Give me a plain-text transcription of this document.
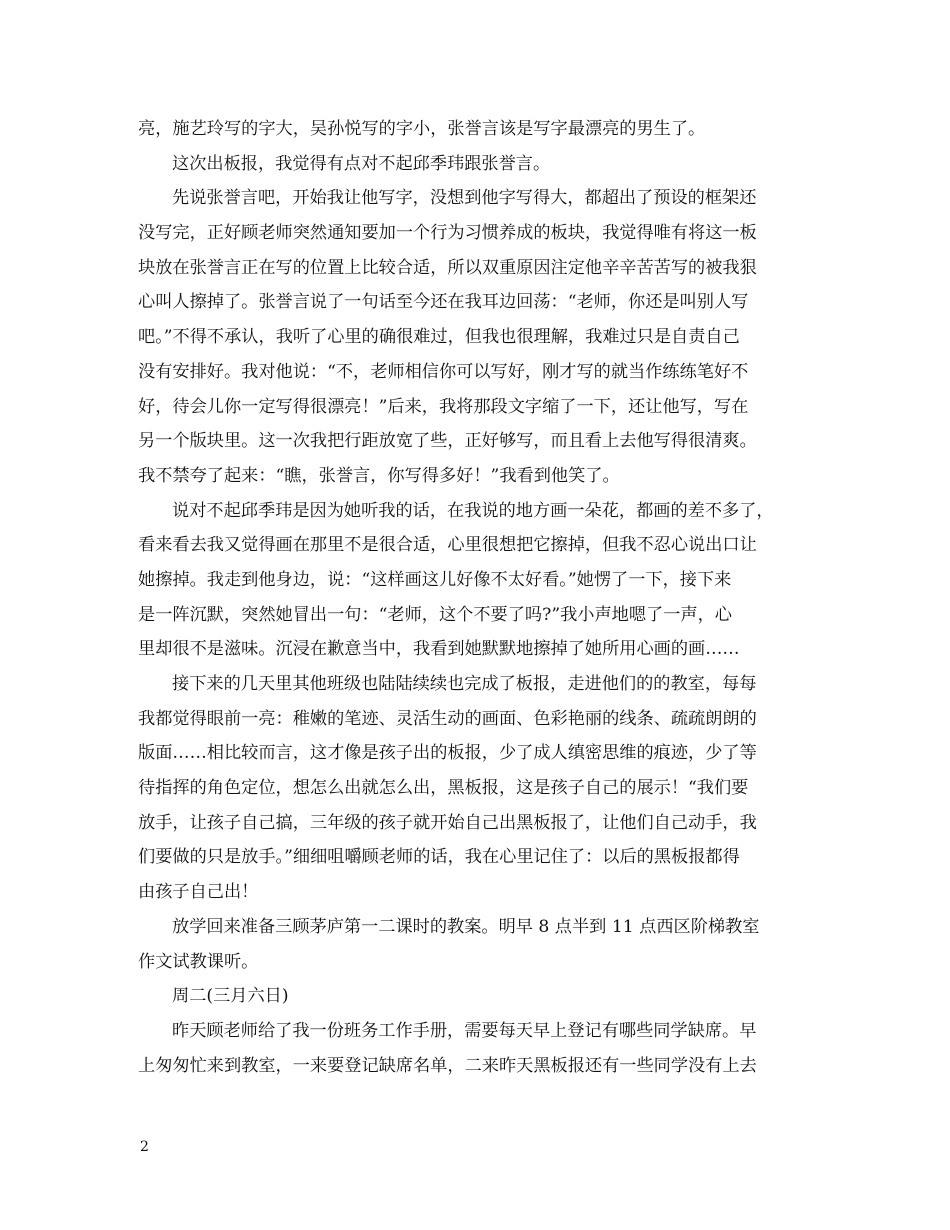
亮，施艺玲写的字大，吴孙悦写的字小，张誉言该是写字最漂亮的男生了。
这次出板报，我觉得有点对不起邱季玮跟张誉言。
先说张誉言吧，开始我让他写字，没想到他字写得大，都超出了预设的框架还
没写完，正好顾老师突然通知要加一个行为习惯养成的板块，我觉得唯有将这一板
块放在张誉言正在写的位置上比较合适，所以双重原因注定他辛辛苦苦写的被我狠
心叫人擦掉了。张誉言说了一句话至今还在我耳边回荡：“老师，你还是叫别人写
吧。”不得不承认，我听了心里的确很难过，但我也很理解，我难过只是自责自己
没有安排好。我对他说：“不，老师相信你可以写好，刚才写的就当作练练笔好不
好，待会儿你一定写得很漂亮！”后来，我将那段文字缩了一下，还让他写，写在
另一个版块里。这一次我把行距放宽了些，正好够写，而且看上去他写得很清爽。
我不禁夸了起来：“瞧，张誉言，你写得多好！”我看到他笑了。
说对不起邱季玮是因为她听我的话，在我说的地方画一朵花，都画的差不多了，
看来看去我又觉得画在那里不是很合适，心里很想把它擦掉，但我不忍心说出口让
她擦掉。我走到他身边，说：“这样画这儿好像不太好看。”她愣了一下，接下来
是一阵沉默，突然她冒出一句：“老师，这个不要了吗?”我小声地嗯了一声，心
里却很不是滋味。沉浸在歉意当中，我看到她默默地擦掉了她所用心画的画……
接下来的几天里其他班级也陆陆续续也完成了板报，走进他们的的教室，每每
我都觉得眼前一亮：稚嫩的笔迹、灵活生动的画面、色彩艳丽的线条、疏疏朗朗的
版面……相比较而言，这才像是孩子出的板报，少了成人缜密思维的痕迹，少了等
待指挥的角色定位，想怎么出就怎么出，黑板报，这是孩子自己的展示！“我们要
放手，让孩子自己搞，三年级的孩子就开始自己出黑板报了，让他们自己动手，我
们要做的只是放手。”细细咀嚼顾老师的话，我在心里记住了：以后的黑板报都得
由孩子自己出！
放学回来准备三顾茅庐第一二课时的教案。明早 8 点半到 11 点西区阶梯教室
作文试教课听。
周二(三月六日)
昨天顾老师给了我一份班务工作手册，需要每天早上登记有哪些同学缺席。早
上匆匆忙来到教室，一来要登记缺席名单，二来昨天黑板报还有一些同学没有上去
2
